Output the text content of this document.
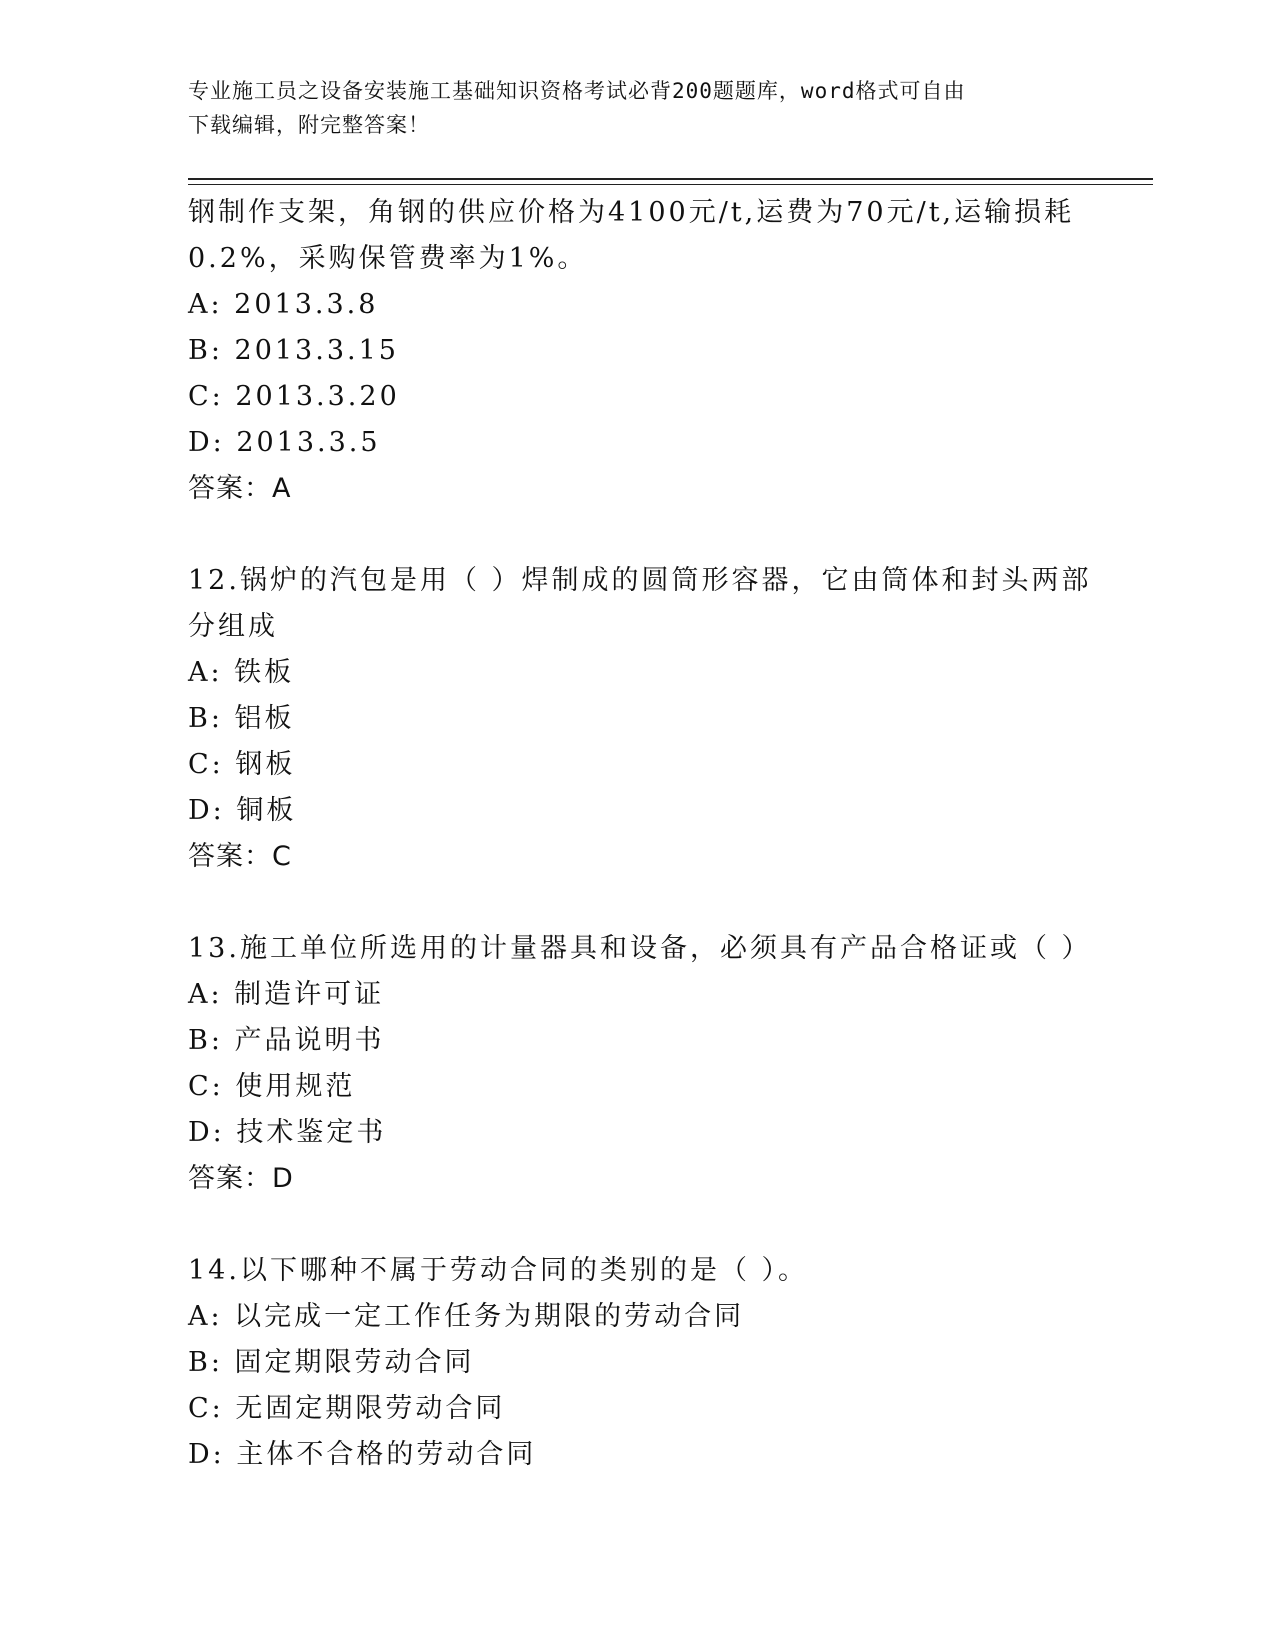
专业施工员之设备安装施工基础知识资格考试必背200题题库，word格式可自由
下载编辑，附完整答案！
钢制作支架，角钢的供应价格为4100元/t,运费为70元/t,运输损耗
0.2%，采购保管费率为1%。
A: 2013.3.8
B: 2013.3.15
C: 2013.3.20
D: 2013.3.5
答案：A
12.锅炉的汽包是用（ ）焊制成的圆筒形容器，它由筒体和封头两部
分组成
A: 铁板
B: 铝板
C: 钢板
D: 铜板
答案：C
13.施工单位所选用的计量器具和设备，必须具有产品合格证或（ ）
A: 制造许可证
B: 产品说明书
C: 使用规范
D: 技术鉴定书
答案：D
14.以下哪种不属于劳动合同的类别的是（ ）。
A: 以完成一定工作任务为期限的劳动合同
B: 固定期限劳动合同
C: 无固定期限劳动合同
D: 主体不合格的劳动合同
